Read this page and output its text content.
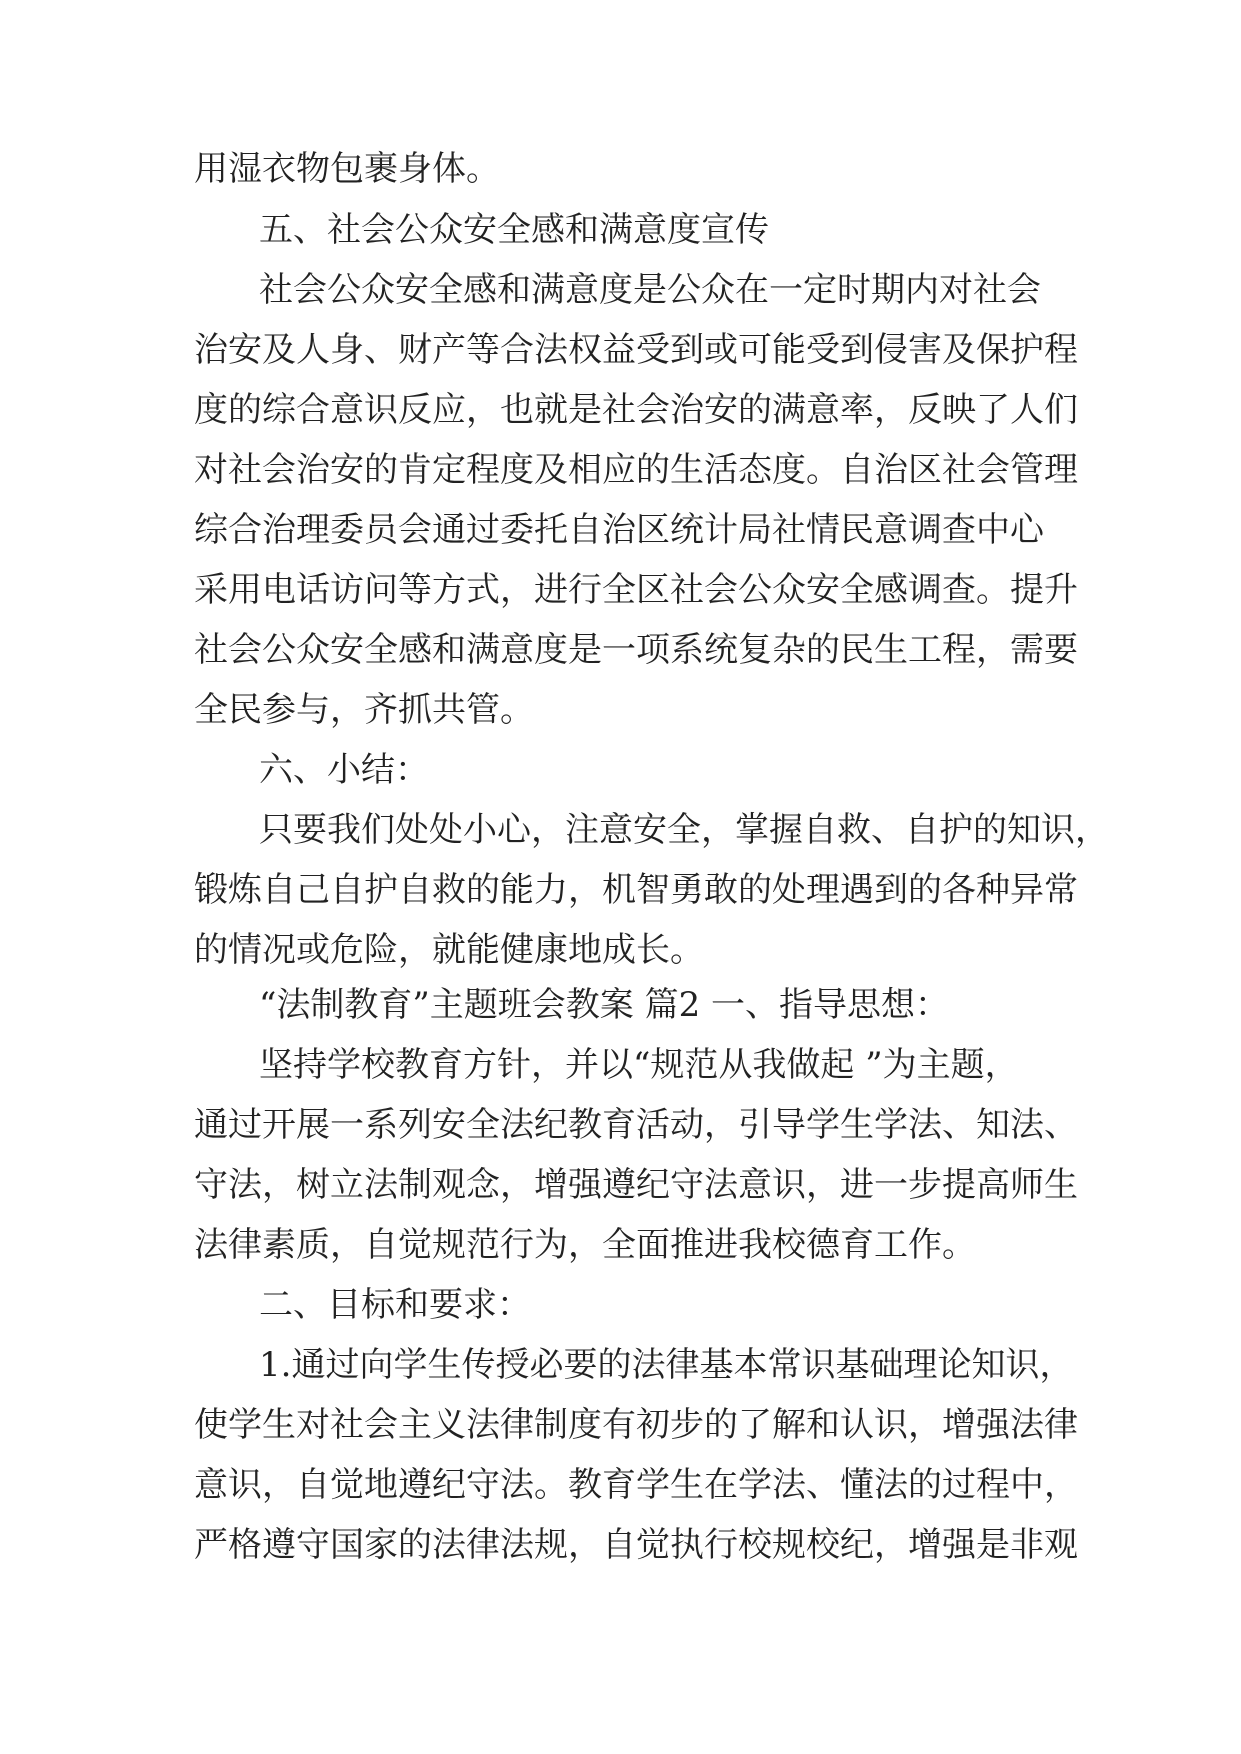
用湿衣物包裹身体。

五、社会公众安全感和满意度宣传

社会公众安全感和满意度是公众在一定时期内对社会

治安及人身、财产等合法权益受到或可能受到侵害及保护程

度的综合意识反应，也就是社会治安的满意率，反映了人们

对社会治安的肯定程度及相应的生活态度。自治区社会管理

综合治理委员会通过委托自治区统计局社情民意调查中心

采用电话访问等方式，进行全区社会公众安全感调查。提升

社会公众安全感和满意度是一项系统复杂的民生工程，需要

全民参与，齐抓共管。

六、小结：

只要我们处处小心，注意安全，掌握自救、自护的知识，

锻炼自己自护自救的能力，机智勇敢的处理遇到的各种异常

的情况或危险，就能健康地成长。

“法制教育”主题班会教案 篇2 一、指导思想：

坚持学校教育方针，并以“规范从我做起 ”为主题，

通过开展一系列安全法纪教育活动，引导学生学法、知法、

守法，树立法制观念，增强遵纪守法意识，进一步提高师生

法律素质，自觉规范行为，全面推进我校德育工作。

二、目标和要求：

1.通过向学生传授必要的法律基本常识基础理论知识，

使学生对社会主义法律制度有初步的了解和认识，增强法律

意识，自觉地遵纪守法。教育学生在学法、懂法的过程中，

严格遵守国家的法律法规，自觉执行校规校纪，增强是非观
